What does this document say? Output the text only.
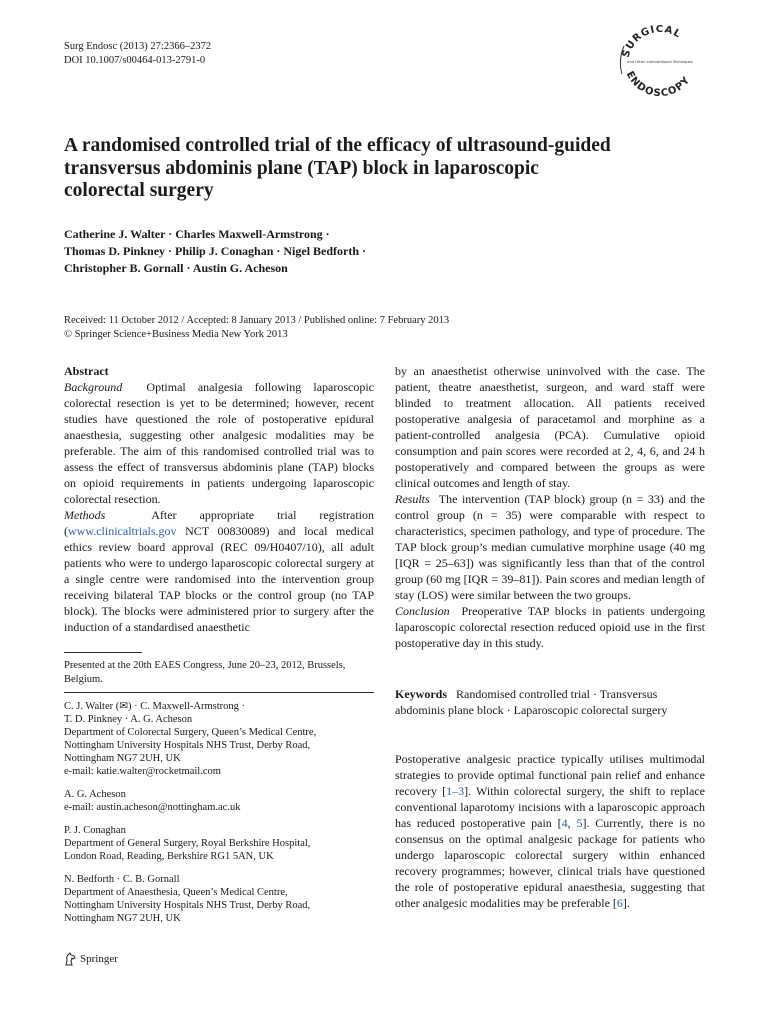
Surg Endosc (2013) 27:2366–2372
DOI 10.1007/s00464-013-2791-0
SURGICAL
and Other Interventional Techniques
ENDOSCOPY
A randomised controlled trial of the efficacy of ultrasound-guided
transversus abdominis plane (TAP) block in laparoscopic
colorectal surgery
Catherine J. Walter · Charles Maxwell-Armstrong ·
Thomas D. Pinkney · Philip J. Conaghan · Nigel Bedforth ·
Christopher B. Gornall · Austin G. Acheson
Received: 11 October 2012 / Accepted: 8 January 2013 / Published online: 7 February 2013
© Springer Science+Business Media New York 2013

Abstract

Background Optimal analgesia following laparoscopic colorectal resection is yet to be determined; however, recent studies have questioned the role of postoperative epidural anaesthesia, suggesting other analgesic modalities may be preferable. The aim of this randomised controlled trial was to assess the effect of transversus abdominis plane (TAP) blocks on opioid requirements in patients undergoing laparoscopic colorectal resection.

Methods	After appropriate trial registration (www.clinicaltrials.gov NCT 00830089) and local medical ethics review board approval (REC 09/H0407/10), all adult patients who were to undergo laparoscopic colorectal surgery at a single centre were randomised into the intervention group receiving bilateral TAP blocks or the control group (no TAP block). The blocks were administered prior to surgery after the induction of a standardised anaesthetic

Presented at the 20th EAES Congress, June 20–23, 2012, Brussels, Belgium.
C. J. Walter (✉) · C. Maxwell-Armstrong ·
T. D. Pinkney · A. G. Acheson
Department of Colorectal Surgery, Queen’s Medical Centre,
Nottingham University Hospitals NHS Trust, Derby Road,
Nottingham NG7 2UH, UK
e-mail: katie.walter@rocketmail.com
A. G. Acheson
e-mail: austin.acheson@nottingham.ac.uk
P. J. Conaghan
Department of General Surgery, Royal Berkshire Hospital,
London Road, Reading, Berkshire RG1 5AN, UK
N. Bedforth · C. B. Gornall
Department of Anaesthesia, Queen’s Medical Centre,
Nottingham University Hospitals NHS Trust, Derby Road,
Nottingham NG7 2UH, UK
Springer

by an anaesthetist otherwise uninvolved with the case. The patient, theatre anaesthetist, surgeon, and ward staff were blinded to treatment allocation. All patients received postoperative analgesia of paracetamol and morphine as a patient-controlled analgesia (PCA). Cumulative opioid consumption and pain scores were recorded at 2, 4, 6, and 24 h postoperatively and compared between the groups as were clinical outcomes and length of stay.

Results The intervention (TAP block) group (n = 33) and the control group (n = 35) were comparable with respect to characteristics, specimen pathology, and type of procedure. The TAP block group’s median cumulative morphine usage (40 mg [IQR = 25–63]) was significantly less than that of the control group (60 mg [IQR = 39–81]). Pain scores and median length of stay (LOS) were similar between the two groups.

Conclusion Preoperative TAP blocks in patients undergoing laparoscopic colorectal resection reduced opioid use in the first postoperative day in this study.

Keywords Randomised controlled trial · Transversus abdominis plane block · Laparoscopic colorectal surgery

Postoperative analgesic practice typically utilises multimodal strategies to provide optimal functional pain relief and enhance recovery [1–3]. Within colorectal surgery, the shift to replace conventional laparotomy incisions with a laparoscopic approach has reduced postoperative pain [4, 5]. Currently, there is no consensus on the optimal analgesic package for patients who undergo laparoscopic colorectal surgery within enhanced recovery programmes; however, clinical trials have questioned the role of postoperative epidural anaesthesia, suggesting that other analgesic modalities may be preferable [6].
